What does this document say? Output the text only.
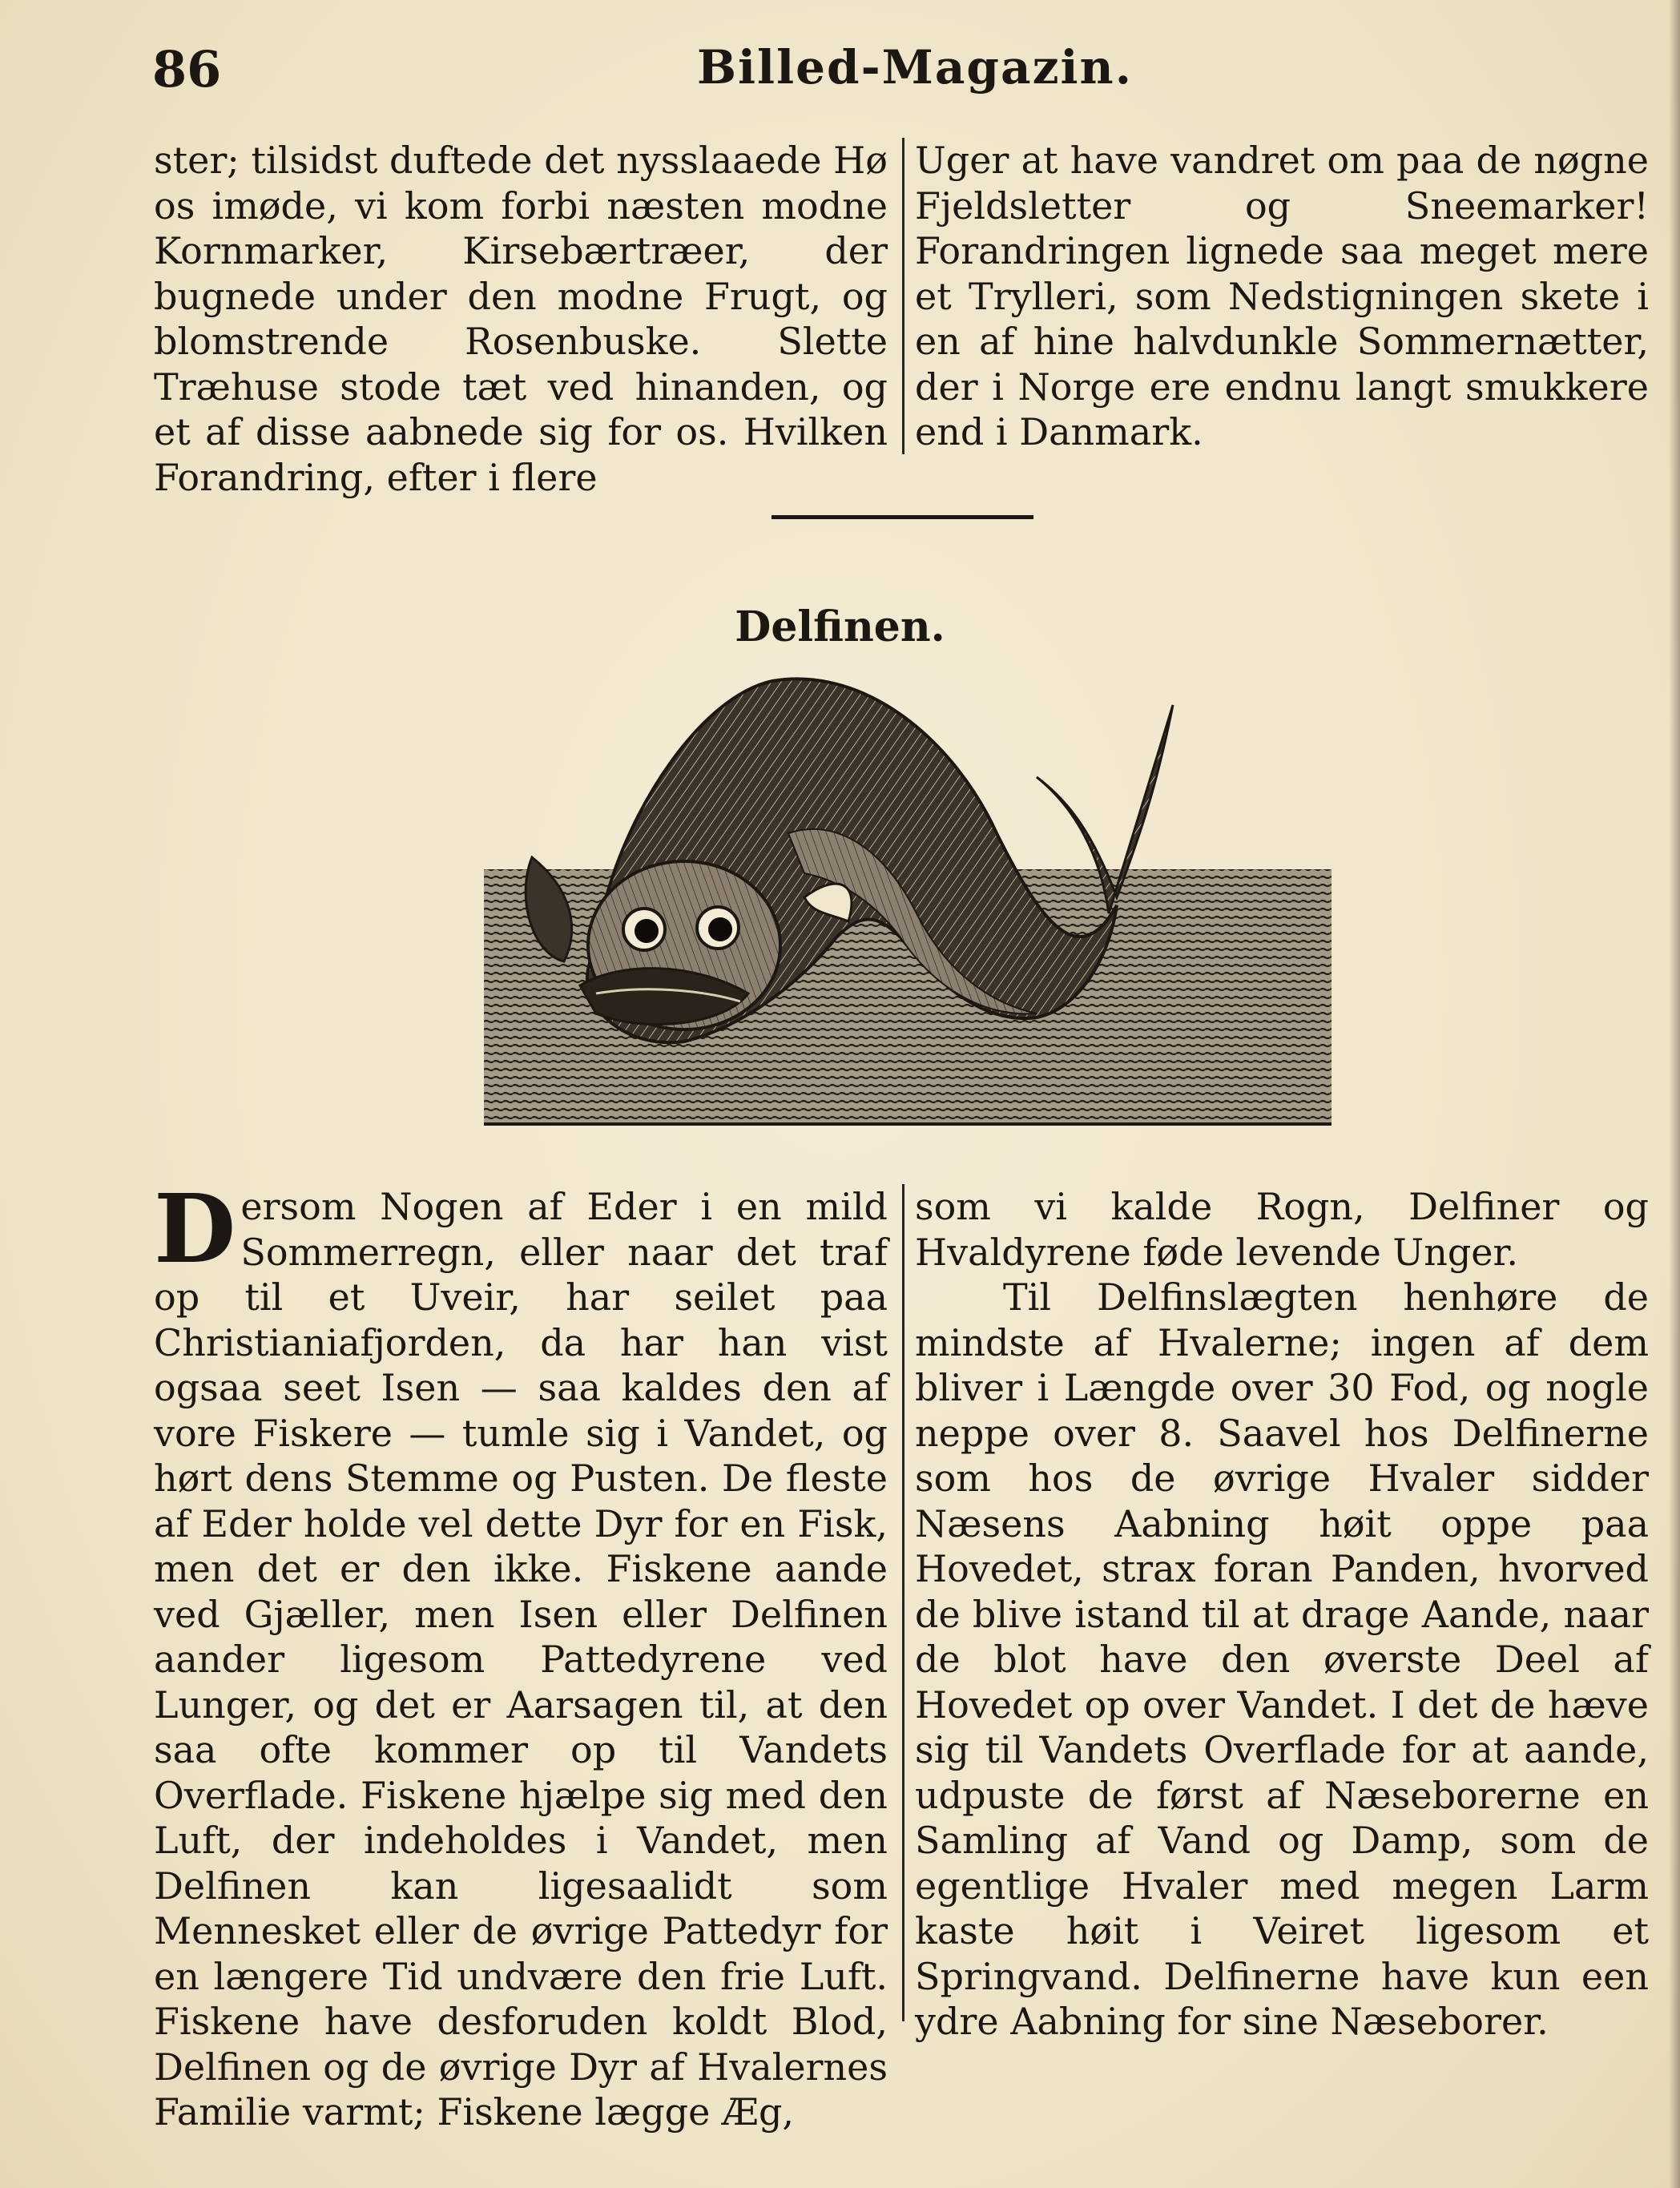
86	Billed-Magazin.

ster; tilsidst duftede det nysslaaede Hø os imøde, vi kom forbi næsten modne Kornmarker, Kirsebærtræer, der bugnede under den modne Frugt, og blomstrende Rosenbuske. Slette Træhuse stode tæt ved hinanden, og et af disse aabnede sig for os. Hvilken Forandring, efter i flere

Uger at have vandret om paa de nøgne Fjeldsletter og Sneemarker! Forandringen lignede saa meget mere et Trylleri, som Nedstigningen skete i en af hine halvdunkle Sommernætter, der i Norge ere endnu langt smukkere end i Danmark.

Delfinen.

Dersom Nogen af Eder i en mild Sommerregn, eller naar det traf op til et Uveir, har seilet paa Christianiafjorden, da har han vist ogsaa seet Isen — saa kaldes den af vore Fiskere — tumle sig i Vandet, og hørt dens Stemme og Pusten. De fleste af Eder holde vel dette Dyr for en Fisk, men det er den ikke. Fiskene aande ved Gjæller, men Isen eller Delfinen aander ligesom Pattedyrene ved Lunger, og det er Aarsagen til, at den saa ofte kommer op til Vandets Overflade. Fiskene hjælpe sig med den Luft, der indeholdes i Vandet, men Delfinen kan ligesaalidt som Mennesket eller de øvrige Pattedyr for en længere Tid undvære den frie Luft. Fiskene have desforuden koldt Blod, Delfinen og de øvrige Dyr af Hvalernes Familie varmt; Fiskene lægge Æg,

som vi kalde Rogn, Delfiner og Hvaldyrene føde levende Unger.

Til Delfinslægten henhøre de mindste af Hvalerne; ingen af dem bliver i Længde over 30 Fod, og nogle neppe over 8. Saavel hos Delfinerne som hos de øvrige Hvaler sidder Næsens Aabning høit oppe paa Hovedet, strax foran Panden, hvorved de blive istand til at drage Aande, naar de blot have den øverste Deel af Hovedet op over Vandet. I det de hæve sig til Vandets Overflade for at aande, udpuste de først af Næseborerne en Samling af Vand og Damp, som de egentlige Hvaler med megen Larm kaste høit i Veiret ligesom et Springvand. Delfinerne have kun een ydre Aabning for sine Næseborer.
